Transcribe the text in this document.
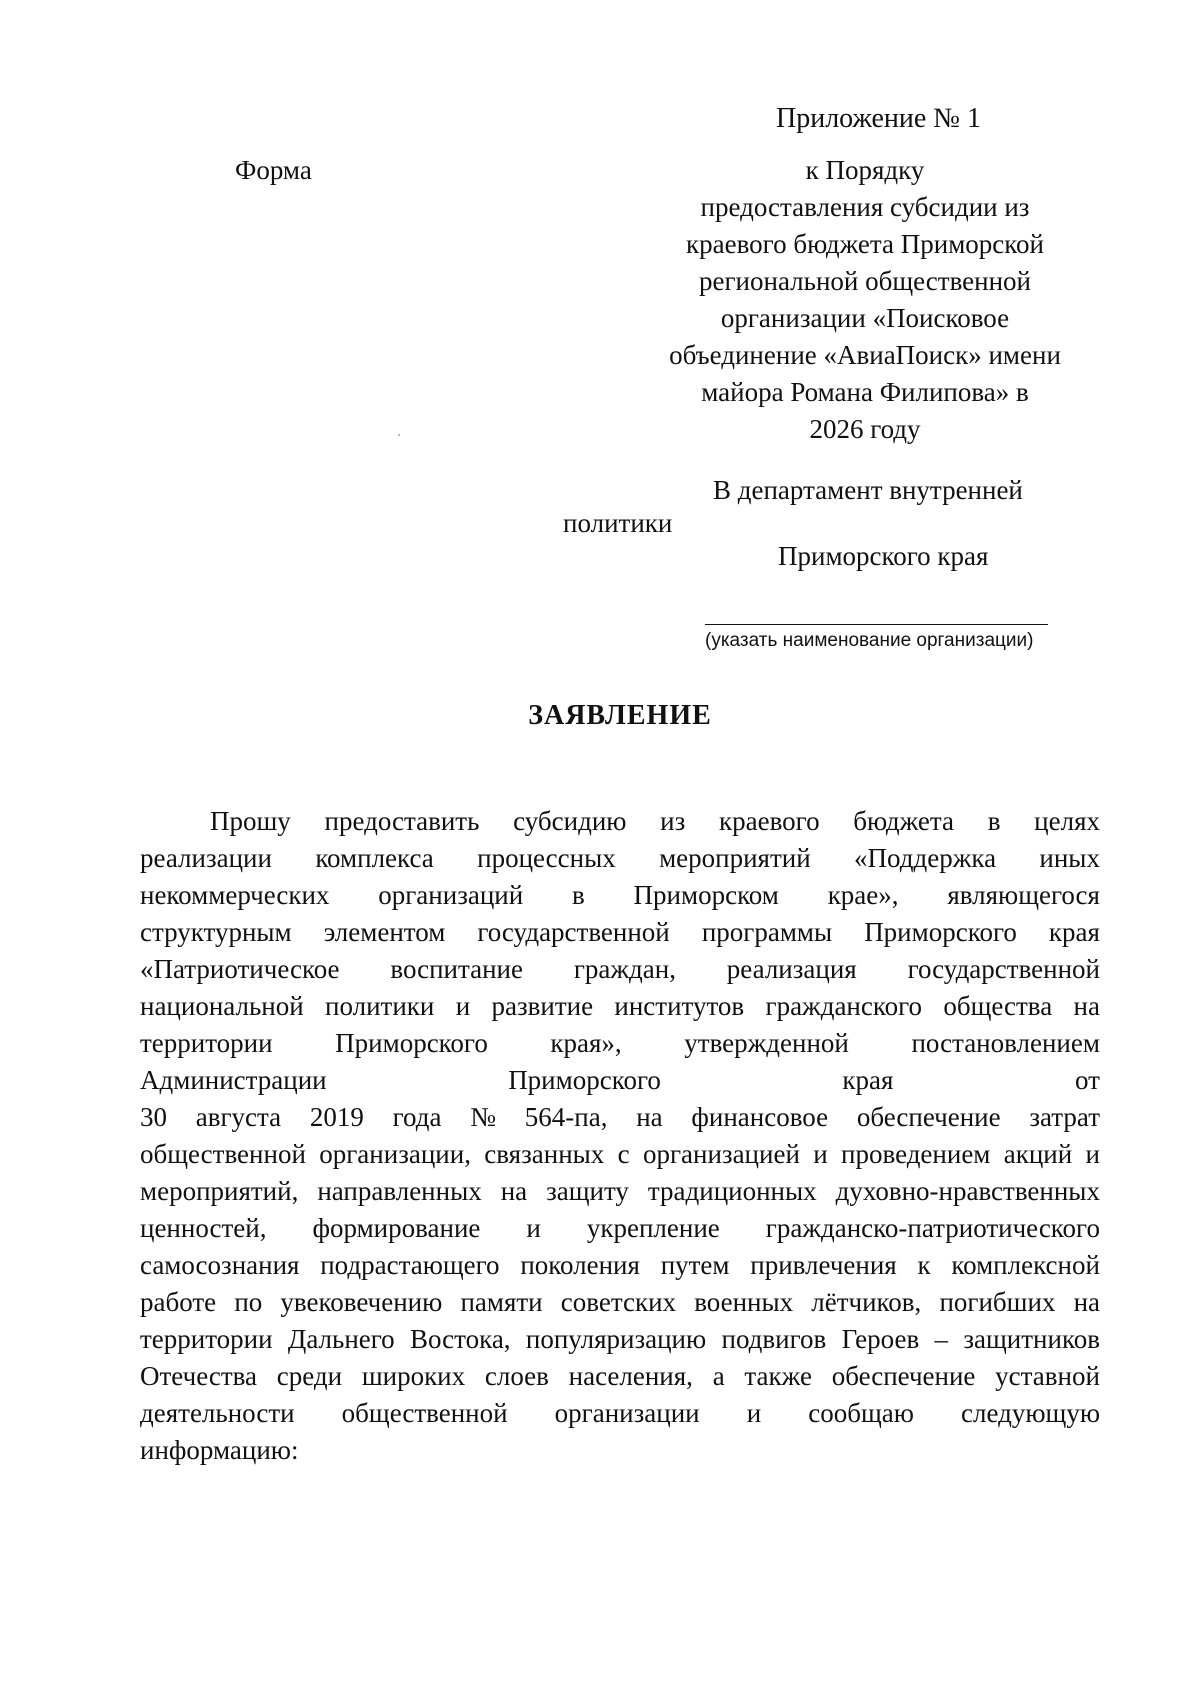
Приложение № 1
Форма	к Порядку
предоставления субсидии из
краевого бюджета Приморской
региональной общественной
организации «Поисковое
объединение «АвиаПоиск» имени
майора Романа Филипова» в
2026 году
В департамент внутренней
политики
Приморского края
(указать наименование организации)
ЗАЯВЛЕНИЕ
Прошу предоставить субсидию из краевого бюджета в целях
реализации комплекса процессных мероприятий «Поддержка иных
некоммерческих организаций в Приморском крае», являющегося
структурным элементом государственной программы Приморского края
«Патриотическое воспитание граждан, реализация государственной
национальной политики и развитие институтов гражданского общества на
территории Приморского края», утвержденной постановлением
Администрации	Приморского	края	от
30 августа 2019 года № 564-па, на финансовое обеспечение затрат
общественной организации, связанных с организацией и проведением акций и
мероприятий, направленных на защиту традиционных духовно-нравственных
ценностей, формирование и укрепление гражданско-патриотического
самосознания подрастающего поколения путем привлечения к комплексной
работе по увековечению памяти советских военных лётчиков, погибших на
территории Дальнего Востока, популяризацию подвигов Героев – защитников
Отечества среди широких слоев населения, а также обеспечение уставной
деятельности общественной организации и сообщаю следующую
информацию:
